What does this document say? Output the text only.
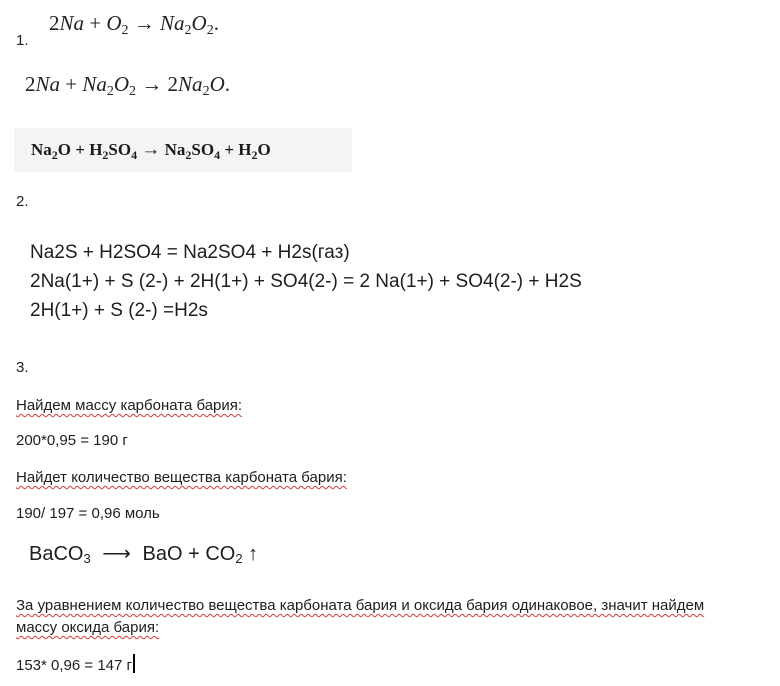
1.
$2Na + O_2 \to Na_2O_2$.
$2Na + Na_2O_2 \to 2Na_2O$.
$Na_2O + H_2SO_4 \to Na_2SO_4 + H_2O$
2.
Na2S + H2SO4 = Na2SO4 + H2s(газ)
2Na(1+) + S (2-) + 2H(1+) + SO4(2-) = 2 Na(1+) + SO4(2-) + H2S
2H(1+) + S (2-) =H2s
3.
Найдем массу карбоната бария:
200*0,95 = 190 г
Найдет количество вещества карбоната бария:
190/ 197 = 0,96 моль
BaCO$_3$ ⟶ BaO + $CO_2$ ↑
За уравнением количество вещества карбоната бария и оксида бария одинаковое, значит найдем
массу оксида бария:
153* 0,96 = 147 г
